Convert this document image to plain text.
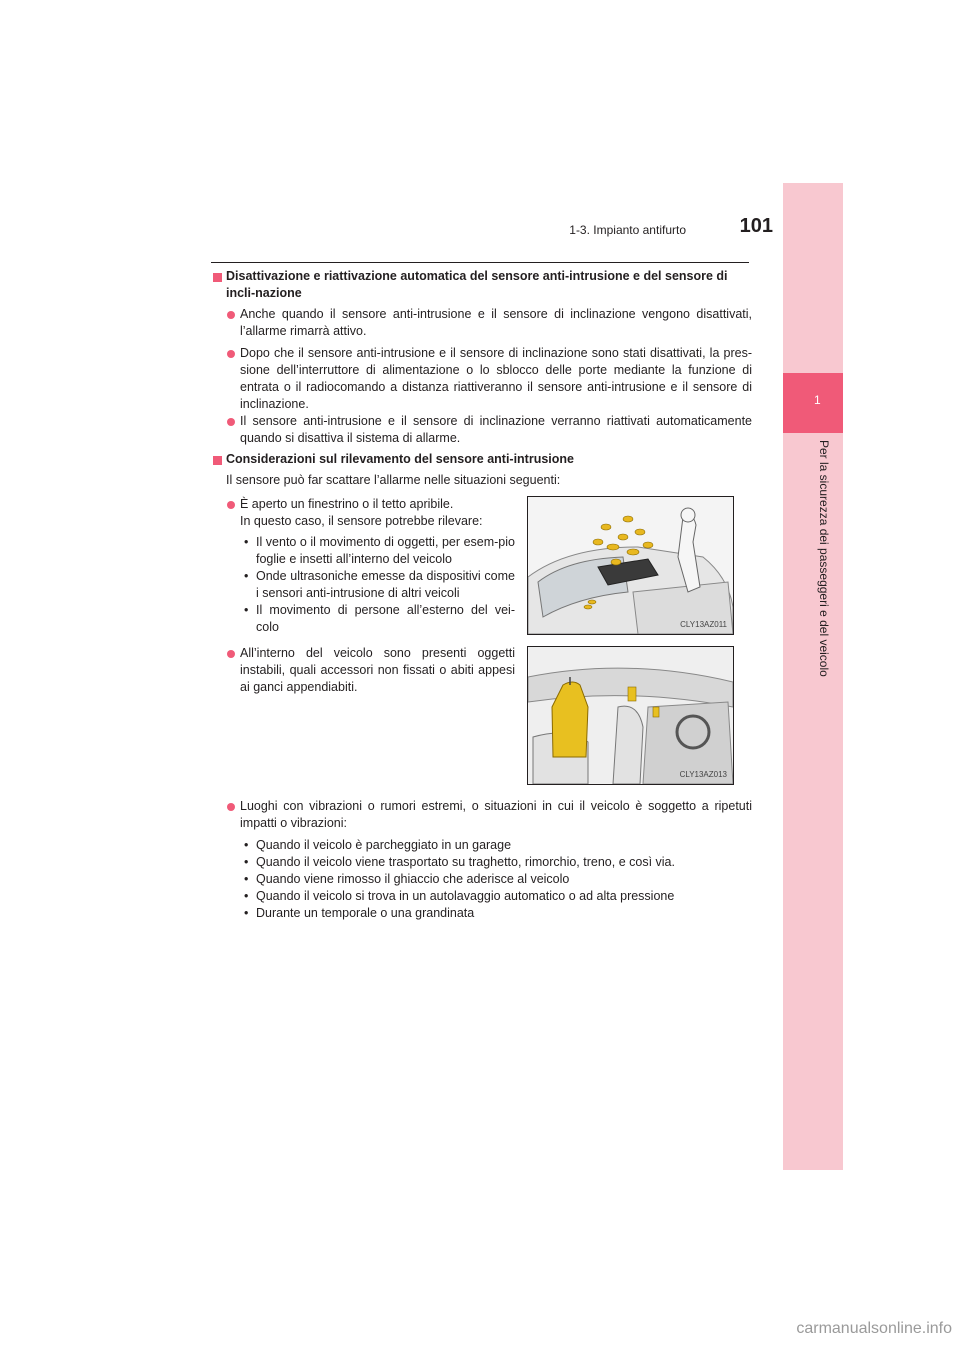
1
Per la sicurezza dei passeggeri e del veicolo
1-3. Impianto antifurto	101
Disattivazione e riattivazione automatica del sensore anti-intrusione e del sensore di incli-nazione
Anche quando il sensore anti-intrusione e il sensore di inclinazione vengono disattivati, l’allarme rimarrà attivo.
Dopo che il sensore anti-intrusione e il sensore di inclinazione sono stati disattivati, la pres-sione dell’interruttore di alimentazione o lo sblocco delle porte mediante la funzione di entrata o il radiocomando a distanza riattiveranno il sensore anti-intrusione e il sensore di inclinazione.
Il sensore anti-intrusione e il sensore di inclinazione verranno riattivati automaticamente quando si disattiva il sistema di allarme.
Considerazioni sul rilevamento del sensore anti-intrusione
Il sensore può far scattare l’allarme nelle situazioni seguenti:
È aperto un finestrino o il tetto apribile.
In questo caso, il sensore potrebbe rilevare:
• Il vento o il movimento di oggetti, per esem-pio foglie e insetti all’interno del veicolo
• Onde ultrasoniche emesse da dispositivi come i sensori anti-intrusione di altri veicoli
• Il movimento di persone all’esterno del vei-colo	CLY13AZ011
All’interno del veicolo sono presenti oggetti instabili, quali accessori non fissati o abiti appesi ai ganci appendiabiti.
CLY13AZ013
Luoghi con vibrazioni o rumori estremi, o situazioni in cui il veicolo è soggetto a ripetuti impatti o vibrazioni:
• Quando il veicolo è parcheggiato in un garage
• Quando il veicolo viene trasportato su traghetto, rimorchio, treno, e così via.
• Quando viene rimosso il ghiaccio che aderisce al veicolo
• Quando il veicolo si trova in un autolavaggio automatico o ad alta pressione
• Durante un temporale o una grandinata
carmanualsonline.info
